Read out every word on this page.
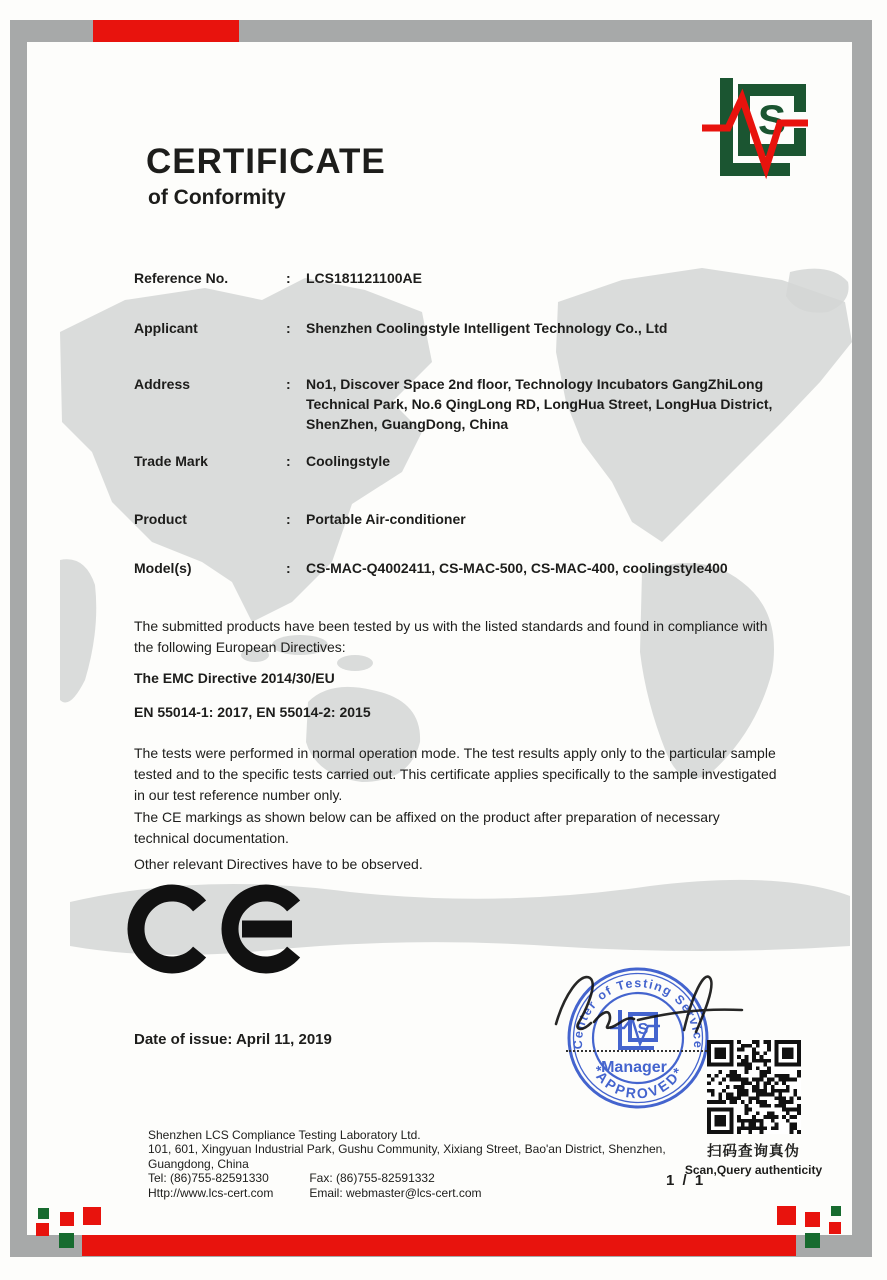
S
CERTIFICATE
of Conformity
Reference No.	:	LCS181121100AE
Applicant	:	Shenzhen Coolingstyle Intelligent Technology Co., Ltd
Address	:	No1, Discover Space 2nd floor, Technology Incubators GangZhiLong Technical Park, No.6 QingLong RD, LongHua Street, LongHua District, ShenZhen, GuangDong, China
Trade Mark	:	Coolingstyle
Product	:	Portable Air-conditioner
Model(s)	:	CS-MAC-Q4002411, CS-MAC-500, CS-MAC-400, coolingstyle400
The submitted products have been tested by us with the listed standards and found in compliance with the following European Directives:
The EMC Directive 2014/30/EU
EN 55014-1: 2017, EN 55014-2: 2015
The tests were performed in normal operation mode. The test results apply only to the particular sample tested and to the specific tests carried out. This certificate applies specifically to the sample investigated in our test reference number only.
The CE markings as shown below can be affixed on the product after preparation of necessary technical documentation.
Other relevant Directives have to be observed.
Date of issue: April 11, 2019	Center of Testing Service
*APPROVED*
S
Manager
扫码查询真伪
Scan,Query authenticity
Shenzhen LCS Compliance Testing Laboratory Ltd.
101, 601, Xingyuan Industrial Park, Gushu Community, Xixiang Street, Bao'an District, Shenzhen,
Guangdong, China
Tel: (86)755-82591330	Fax: (86)755-82591332
Http://www.lcs-cert.com	Email: webmaster@lcs-cert.com
1 / 1
